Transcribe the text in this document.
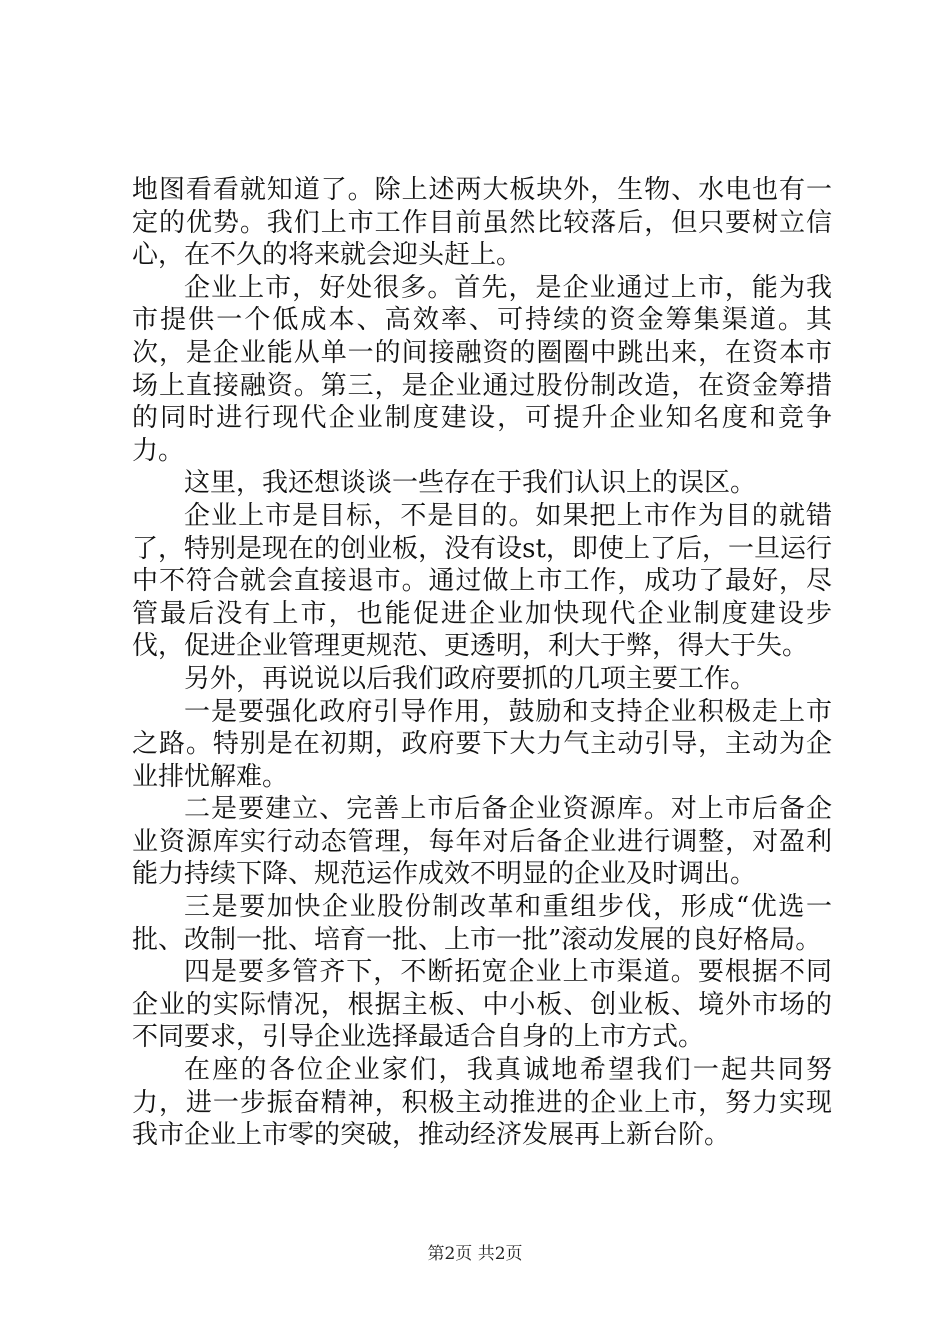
地图看看就知道了。除上述两大板块外，生物、水电也有一定的优势。我们上市工作目前虽然比较落后，但只要树立信心，在不久的将来就会迎头赶上。

企业上市，好处很多。首先，是企业通过上市，能为我市提供一个低成本、高效率、可持续的资金筹集渠道。其次，是企业能从单一的间接融资的圈圈中跳出来，在资本市场上直接融资。第三，是企业通过股份制改造，在资金筹措的同时进行现代企业制度建设，可提升企业知名度和竞争力。

这里，我还想谈谈一些存在于我们认识上的误区。

企业上市是目标，不是目的。如果把上市作为目的就错了，特别是现在的创业板，没有设st，即使上了后，一旦运行中不符合就会直接退市。通过做上市工作，成功了最好，尽管最后没有上市，也能促进企业加快现代企业制度建设步伐，促进企业管理更规范、更透明，利大于弊，得大于失。

另外，再说说以后我们政府要抓的几项主要工作。

一是要强化政府引导作用，鼓励和支持企业积极走上市之路。特别是在初期，政府要下大力气主动引导，主动为企业排忧解难。

二是要建立、完善上市后备企业资源库。对上市后备企业资源库实行动态管理，每年对后备企业进行调整，对盈利能力持续下降、规范运作成效不明显的企业及时调出。

三是要加快企业股份制改革和重组步伐，形成“优选一批、改制一批、培育一批、上市一批”滚动发展的良好格局。

四是要多管齐下，不断拓宽企业上市渠道。要根据不同企业的实际情况，根据主板、中小板、创业板、境外市场的不同要求，引导企业选择最适合自身的上市方式。

在座的各位企业家们，我真诚地希望我们一起共同努力，进一步振奋精神，积极主动推进的企业上市，努力实现我市企业上市零的突破，推动经济发展再上新台阶。

第2页 共2页
